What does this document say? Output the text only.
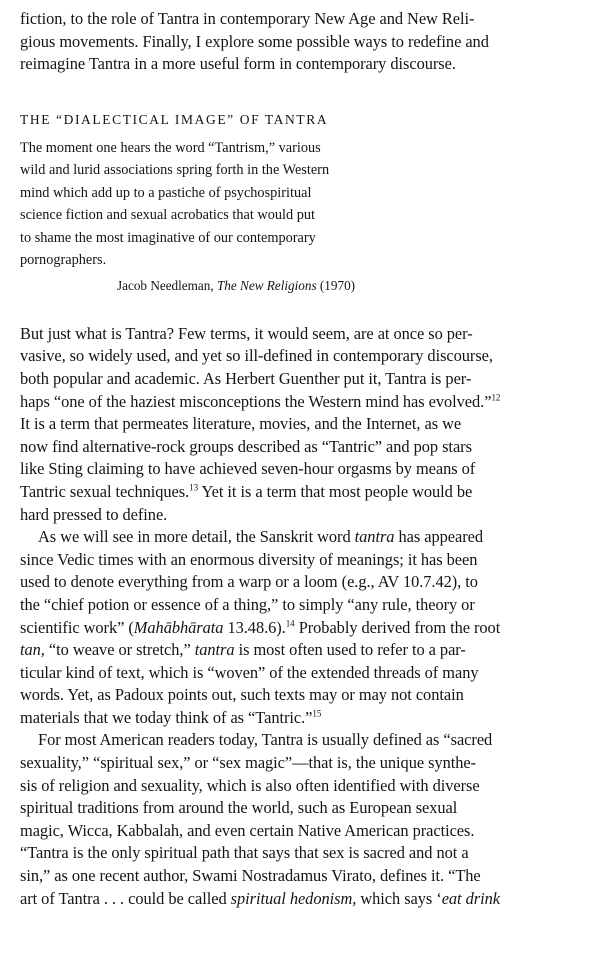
fiction, to the role of Tantra in contemporary New Age and New Reli-
gious movements. Finally, I explore some possible ways to redefine and
reimagine Tantra in a more useful form in contemporary discourse.
THE “DIALECTICAL IMAGE” OF TANTRA
The moment one hears the word “Tantrism,” various
wild and lurid associations spring forth in the Western
mind which add up to a pastiche of psychospiritual
science fiction and sexual acrobatics that would put
to shame the most imaginative of our contemporary
pornographers.
Jacob Needleman, The New Religions (1970)
But just what is Tantra? Few terms, it would seem, are at once so per-
vasive, so widely used, and yet so ill-defined in contemporary discourse,
both popular and academic. As Herbert Guenther put it, Tantra is per-
haps “one of the haziest misconceptions the Western mind has evolved.”$^{12}$
It is a term that permeates literature, movies, and the Internet, as we
now find alternative-rock groups described as “Tantric” and pop stars
like Sting claiming to have achieved seven-hour orgasms by means of
Tantric sexual techniques.$^{13}$ Yet it is a term that most people would be
hard pressed to define.
As we will see in more detail, the Sanskrit word tantra has appeared
since Vedic times with an enormous diversity of meanings; it has been
used to denote everything from a warp or a loom (e.g., AV 10.7.42), to
the “chief potion or essence of a thing,” to simply “any rule, theory or
scientific work” (Mahābhārata 13.48.6).$^{14}$ Probably derived from the root
tan, “to weave or stretch,” tantra is most often used to refer to a par-
ticular kind of text, which is “woven” of the extended threads of many
words. Yet, as Padoux points out, such texts may or may not contain
materials that we today think of as “Tantric.”$^{15}$
For most American readers today, Tantra is usually defined as “sacred
sexuality,” “spiritual sex,” or “sex magic”—that is, the unique synthe-
sis of religion and sexuality, which is also often identified with diverse
spiritual traditions from around the world, such as European sexual
magic, Wicca, Kabbalah, and even certain Native American practices.
“Tantra is the only spiritual path that says that sex is sacred and not a
sin,” as one recent author, Swami Nostradamus Virato, defines it. “The
art of Tantra . . . could be called spiritual hedonism, which says ‘eat drink
